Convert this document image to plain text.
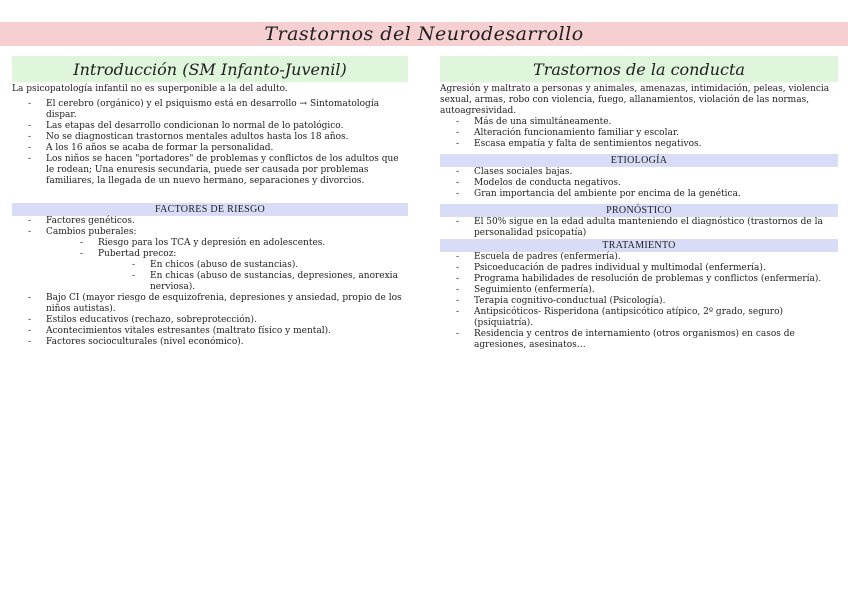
Trastornos del Neurodesarrollo
Introducción (SM Infanto-Juvenil)

La psicopatología infantil no es superponible a la del adulto.

- El cerebro (orgánico) y el psiquismo está en desarrollo → Sintomatología dispar.
- Las etapas del desarrollo condicionan lo normal de lo patológico.
- No se diagnostican trastornos mentales adultos hasta los 18 años.
- A los 16 años se acaba de formar la personalidad.
- Los niños se hacen "portadores" de problemas y conflictos de los adultos que le rodean; Una enuresis secundaria, puede ser causada por problemas familiares, la llegada de un nuevo hermano, separaciones y divorcios.
FACTORES DE RIESGO
- Factores genéticos.
- Cambios puberales:
- Riesgo para los TCA y depresión en adolescentes.
- Pubertad precoz:
- En chicos (abuso de sustancias).
- En chicas (abuso de sustancias, depresiones, anorexia nerviosa).
- Bajo CI (mayor riesgo de esquizofrenia, depresiones y ansiedad, propio de los niños autistas).
- Estilos educativos (rechazo, sobreprotección).
- Acontecimientos vitales estresantes (maltrato físico y mental).
- Factores socioculturales (nivel económico).
Trastornos de la conducta

Agresión y maltrato a personas y animales, amenazas, intimidación, peleas, violencia sexual, armas, robo con violencia, fuego, allanamientos, violación de las normas, autoagresividad.

- Más de una simultáneamente.
- Alteración funcionamiento familiar y escolar.
- Escasa empatía y falta de sentimientos negativos.
ETIOLOGÍA
- Clases sociales bajas.
- Modelos de conducta negativos.
- Gran importancia del ambiente por encima de la genética.
PRONÓSTICO
- El 50% sigue en la edad adulta manteniendo el diagnóstico (trastornos de la personalidad psicopatía)
TRATAMIENTO
- Escuela de padres (enfermería).
- Psicoeducación de padres individual y multimodal (enfermería).
- Programa habilidades de resolución de problemas y conflictos (enfermería).
- Seguimiento (enfermería).
- Terapia cognitivo-conductual (Psicología).
- Antipsicóticos- Risperidona (antipsicótico atípico, 2º grado, seguro) (psiquiatría).
- Residencia y centros de internamiento (otros organismos) en casos de agresiones, asesinatos…
